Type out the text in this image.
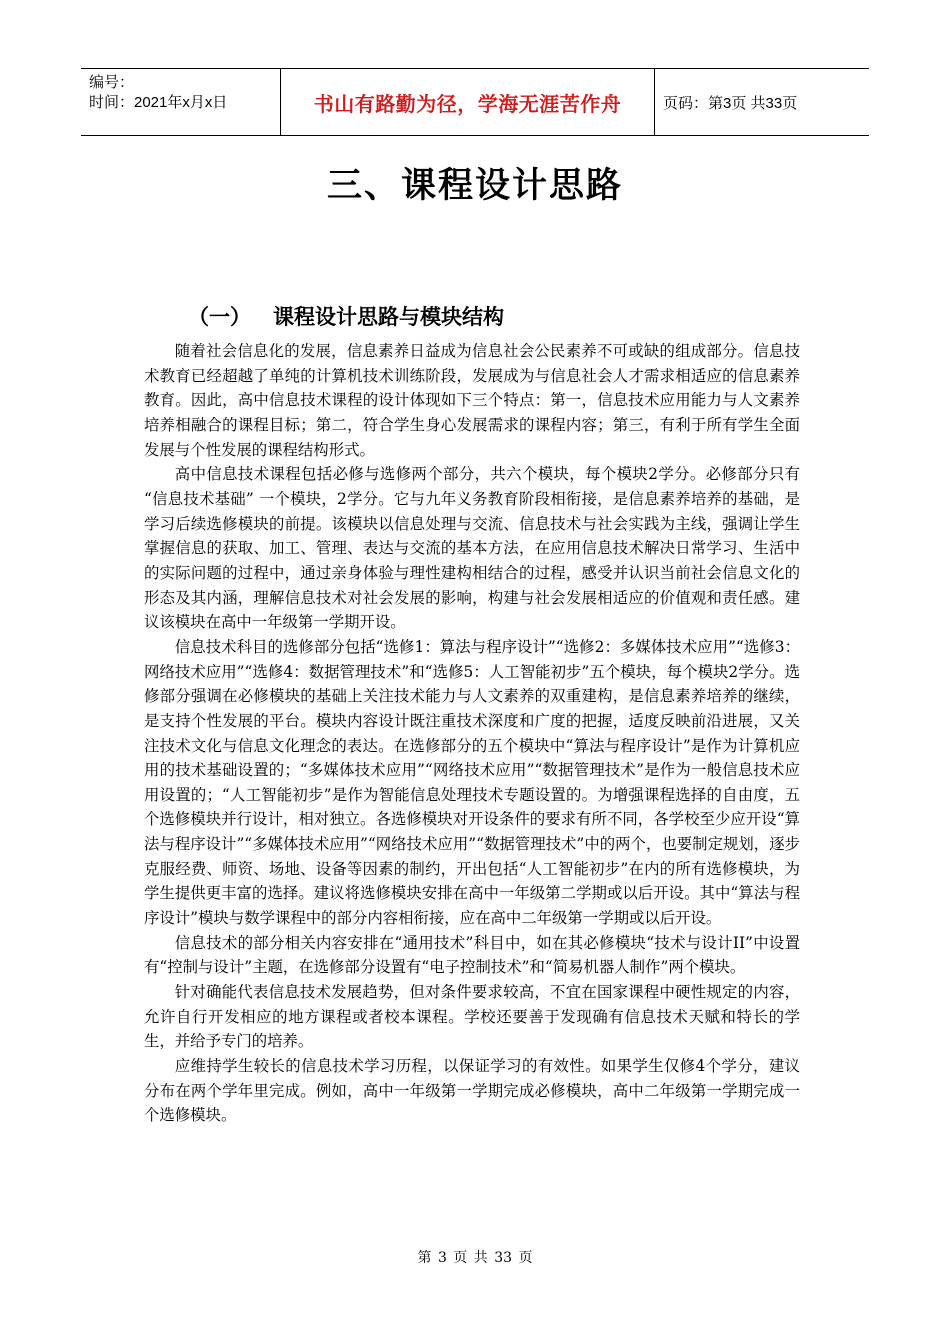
编号：
时间：2021年x月x日	书山有路勤为径，学海无涯苦作舟	页码：第3页 共33页
三、课程设计思路
（一） 课程设计思路与模块结构

随着社会信息化的发展，信息素养日益成为信息社会公民素养不可或缺的组成部分。信息技术教育已经超越了单纯的计算机技术训练阶段，发展成为与信息社会人才需求相适应的信息素养教育。因此，高中信息技术课程的设计体现如下三个特点：第一，信息技术应用能力与人文素养培养相融合的课程目标；第二，符合学生身心发展需求的课程内容；第三，有利于所有学生全面发展与个性发展的课程结构形式。

高中信息技术课程包括必修与选修两个部分，共六个模块，每个模块2学分。必修部分只有 “信息技术基础” 一个模块，2学分。它与九年义务教育阶段相衔接，是信息素养培养的基础，是学习后续选修模块的前提。该模块以信息处理与交流、信息技术与社会实践为主线，强调让学生掌握信息的获取、加工、管理、表达与交流的基本方法，在应用信息技术解决日常学习、生活中的实际问题的过程中，通过亲身体验与理性建构相结合的过程，感受并认识当前社会信息文化的形态及其内涵，理解信息技术对社会发展的影响，构建与社会发展相适应的价值观和责任感。建议该模块在高中一年级第一学期开设。

信息技术科目的选修部分包括“选修1：算法与程序设计”“选修2：多媒体技术应用”“选修3：网络技术应用”“选修4：数据管理技术”和“选修5：人工智能初步”五个模块，每个模块2学分。选修部分强调在必修模块的基础上关注技术能力与人文素养的双重建构，是信息素养培养的继续，是支持个性发展的平台。模块内容设计既注重技术深度和广度的把握，适度反映前沿进展，又关注技术文化与信息文化理念的表达。在选修部分的五个模块中“算法与程序设计”是作为计算机应用的技术基础设置的；“多媒体技术应用”“网络技术应用”“数据管理技术”是作为一般信息技术应用设置的；“人工智能初步”是作为智能信息处理技术专题设置的。为增强课程选择的自由度，五个选修模块并行设计，相对独立。各选修模块对开设条件的要求有所不同，各学校至少应开设“算法与程序设计”“多媒体技术应用”“网络技术应用”“数据管理技术”中的两个，也要制定规划，逐步克服经费、师资、场地、设备等因素的制约，开出包括“人工智能初步”在内的所有选修模块，为学生提供更丰富的选择。建议将选修模块安排在高中一年级第二学期或以后开设。其中“算法与程序设计”模块与数学课程中的部分内容相衔接，应在高中二年级第一学期或以后开设。

信息技术的部分相关内容安排在“通用技术”科目中，如在其必修模块“技术与设计II”中设置有“控制与设计”主题，在选修部分设置有“电子控制技术”和“简易机器人制作”两个模块。

针对确能代表信息技术发展趋势，但对条件要求较高，不宜在国家课程中硬性规定的内容，允许自行开发相应的地方课程或者校本课程。学校还要善于发现确有信息技术天赋和特长的学生，并给予专门的培养。

应维持学生较长的信息技术学习历程，以保证学习的有效性。如果学生仅修4个学分，建议分布在两个学年里完成。例如，高中一年级第一学期完成必修模块，高中二年级第一学期完成一个选修模块。

第 3 页 共 33 页
